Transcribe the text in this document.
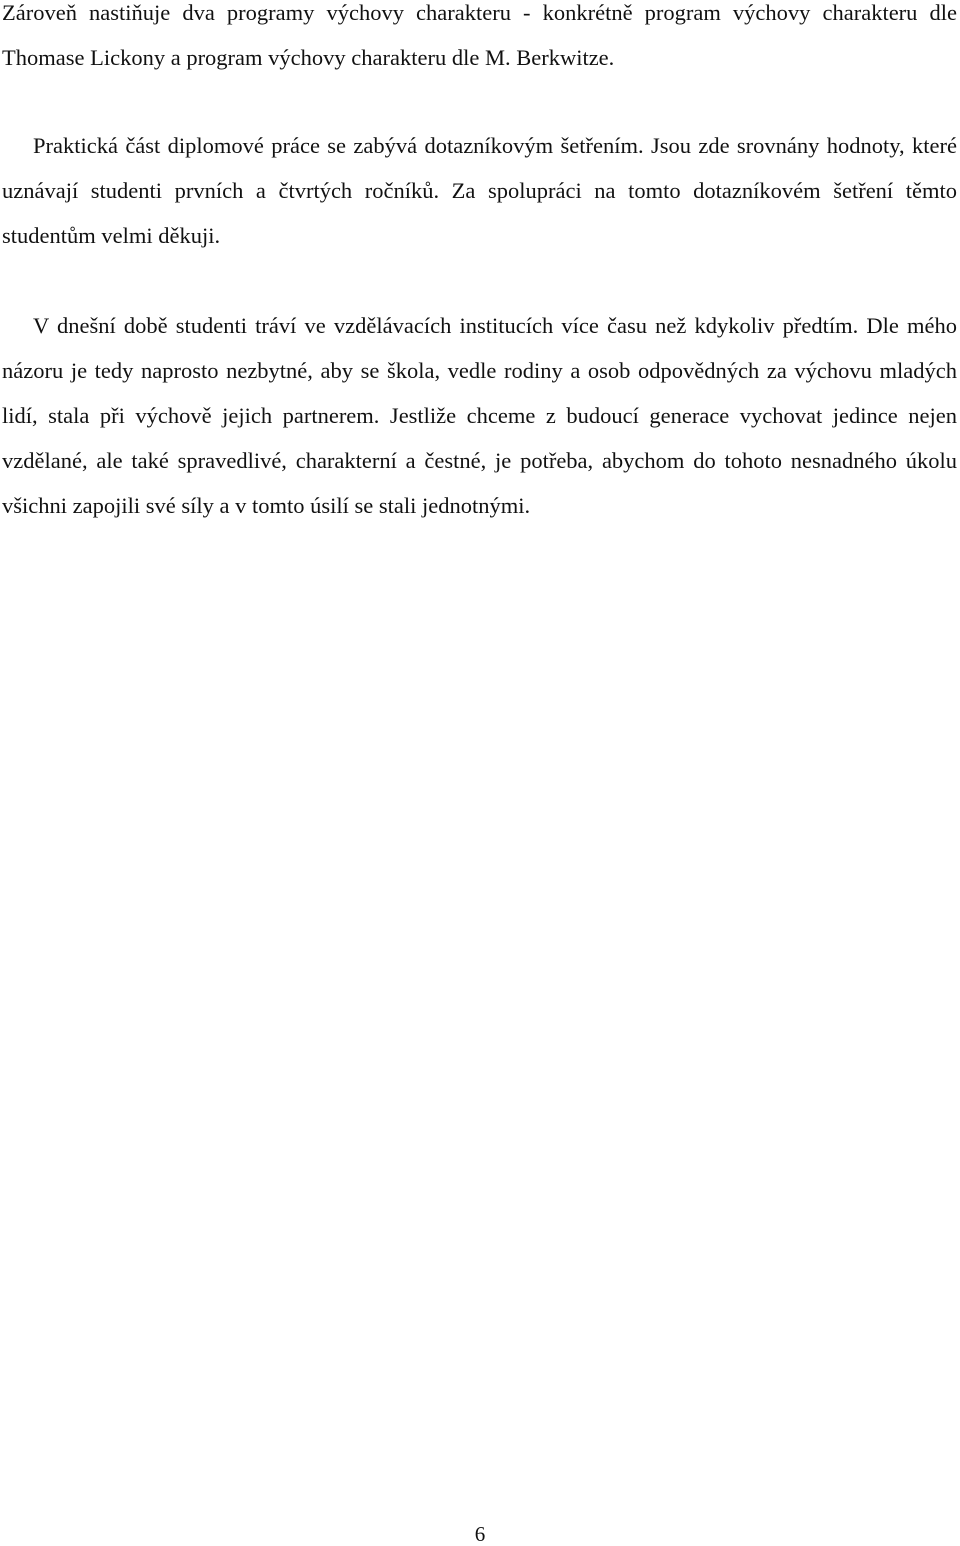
Zároveň nastiňuje dva programy výchovy charakteru - konkrétně program výchovy charakteru dle Thomase Lickony a program výchovy charakteru dle M. Berkwitze.

Praktická část diplomové práce se zabývá dotazníkovým šetřením. Jsou zde srovnány hodnoty, které uznávají studenti prvních a čtvrtých ročníků. Za spolupráci na tomto dotazníkovém šetření těmto studentům velmi děkuji.

V dnešní době studenti tráví ve vzdělávacích institucích více času než kdykoliv předtím. Dle mého názoru je tedy naprosto nezbytné, aby se škola, vedle rodiny a osob odpovědných za výchovu mladých lidí, stala při výchově jejich partnerem. Jestliže chceme z budoucí generace vychovat jedince nejen vzdělané, ale také spravedlivé, charakterní a čestné, je potřeba, abychom do tohoto nesnadného úkolu všichni zapojili své síly a v tomto úsilí se stali jednotnými.

6
